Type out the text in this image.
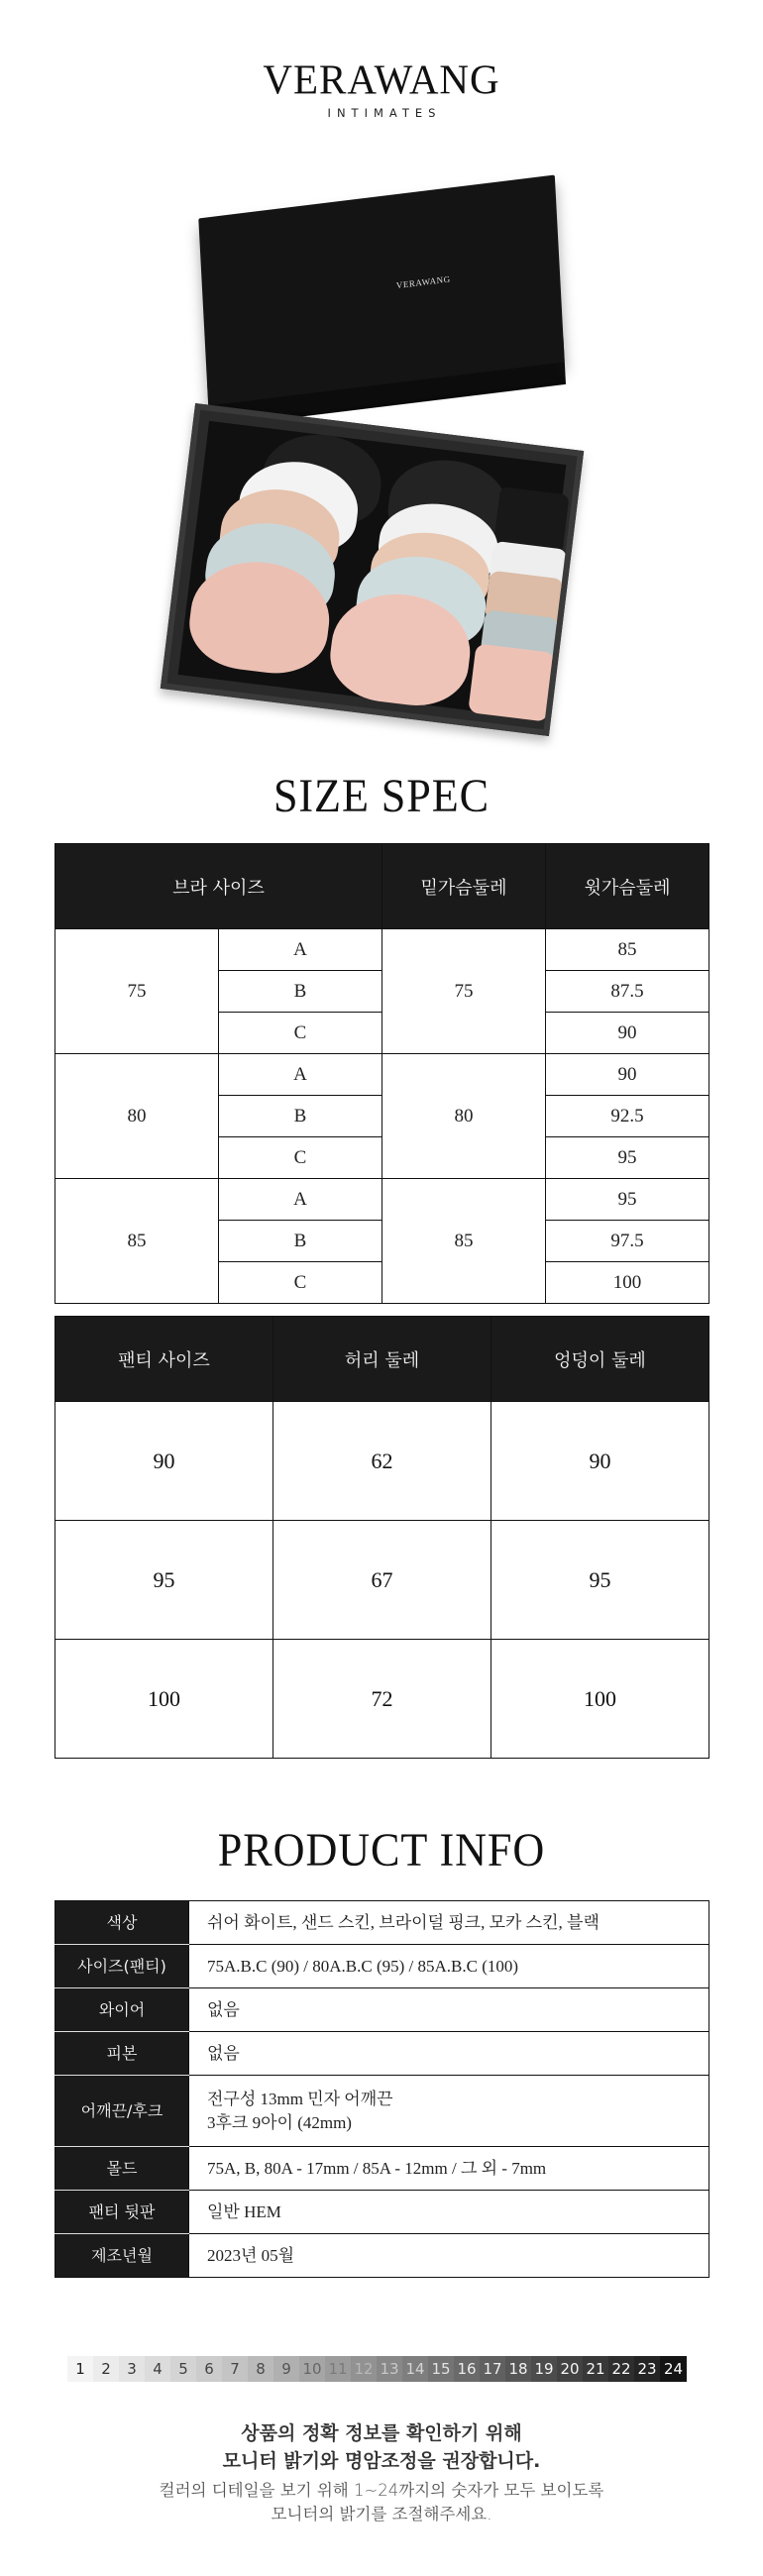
VERAWANG
INTIMATES
VERAWANG
SIZE SPEC
브라 사이즈		밑가슴둘레	윗가슴둘레
75	A	75	85
	B		87.5
	C		90
80	A	80	90
	B		92.5
	C		95
85	A	85	95
	B		97.5
	C		100
팬티 사이즈	허리 둘레	엉덩이 둘레
90	62	90
95	67	95
100	72	100
PRODUCT INFO
색상	쉬어 화이트, 샌드 스킨, 브라이덜 핑크, 모카 스킨, 블랙
사이즈(팬티)	75A.B.C (90) / 80A.B.C (95) / 85A.B.C (100)
와이어	없음
피본	없음
어깨끈/후크	전구성 13mm 민자 어깨끈
3후크 9아이 (42mm)

몰드	75A, B, 80A - 17mm / 85A - 12mm / 그 외 - 7mm
팬티 뒷판	일반 HEM
제조년월	2023년 05월
1	2	3	4	5	6	7	8	9 10 11 12 13 14 15 16 17 18 19 20 21 22 23 24
상품의 정확 정보를 확인하기 위해
모니터 밝기와 명암조정을 권장합니다.
컬러의 디테일을 보기 위해 1~24까지의 숫자가 모두 보이도록
모니터의 밝기를 조절해주세요.
